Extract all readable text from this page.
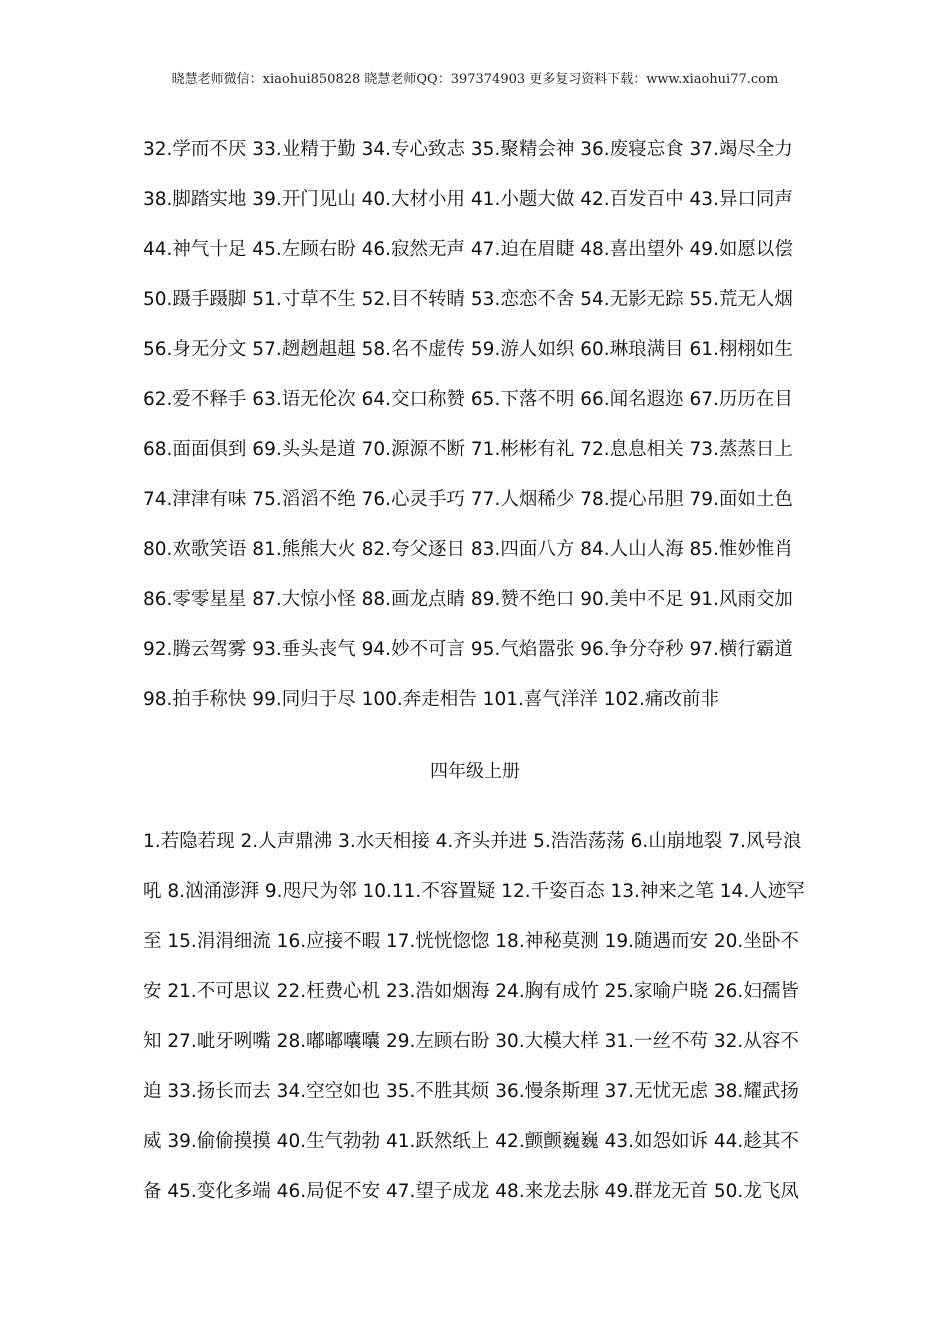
晓慧老师微信：xiaohui850828 晓慧老师QQ：397374903 更多复习资料下载：www.xiaohui77.com
32.学而不厌 33.业精于勤 34.专心致志 35.聚精会神 36.废寝忘食 37.竭尽全力
38.脚踏实地 39.开门见山 40.大材小用 41.小题大做 42.百发百中 43.异口同声
44.神气十足 45.左顾右盼 46.寂然无声 47.迫在眉睫 48.喜出望外 49.如愿以偿
50.蹑手蹑脚 51.寸草不生 52.目不转睛 53.恋恋不舍 54.无影无踪 55.荒无人烟
56.身无分文 57.趔趔趄趄 58.名不虚传 59.游人如织 60.琳琅满目 61.栩栩如生
62.爱不释手 63.语无伦次 64.交口称赞 65.下落不明 66.闻名遐迩 67.历历在目
68.面面俱到 69.头头是道 70.源源不断 71.彬彬有礼 72.息息相关 73.蒸蒸日上
74.津津有味 75.滔滔不绝 76.心灵手巧 77.人烟稀少 78.提心吊胆 79.面如土色
80.欢歌笑语 81.熊熊大火 82.夸父逐日 83.四面八方 84.人山人海 85.惟妙惟肖
86.零零星星 87.大惊小怪 88.画龙点睛 89.赞不绝口 90.美中不足 91.风雨交加
92.腾云驾雾 93.垂头丧气 94.妙不可言 95.气焰嚣张 96.争分夺秒 97.横行霸道
98.拍手称快 99.同归于尽 100.奔走相告 101.喜气洋洋 102.痛改前非
四年级上册
1.若隐若现 2.人声鼎沸 3.水天相接 4.齐头并进 5.浩浩荡荡 6.山崩地裂 7.风号浪
吼 8.汹涌澎湃 9.咫尺为邻 10.11.不容置疑 12.千姿百态 13.神来之笔 14.人迹罕
至 15.涓涓细流 16.应接不暇 17.恍恍惚惚 18.神秘莫测 19.随遇而安 20.坐卧不
安 21.不可思议 22.枉费心机 23.浩如烟海 24.胸有成竹 25.家喻户晓 26.妇孺皆
知 27.呲牙咧嘴 28.嘟嘟囔囔 29.左顾右盼 30.大模大样 31.一丝不苟 32.从容不
迫 33.扬长而去 34.空空如也 35.不胜其烦 36.慢条斯理 37.无忧无虑 38.耀武扬
威 39.偷偷摸摸 40.生气勃勃 41.跃然纸上 42.颤颤巍巍 43.如怨如诉 44.趁其不
备 45.变化多端 46.局促不安 47.望子成龙 48.来龙去脉 49.群龙无首 50.龙飞凤
